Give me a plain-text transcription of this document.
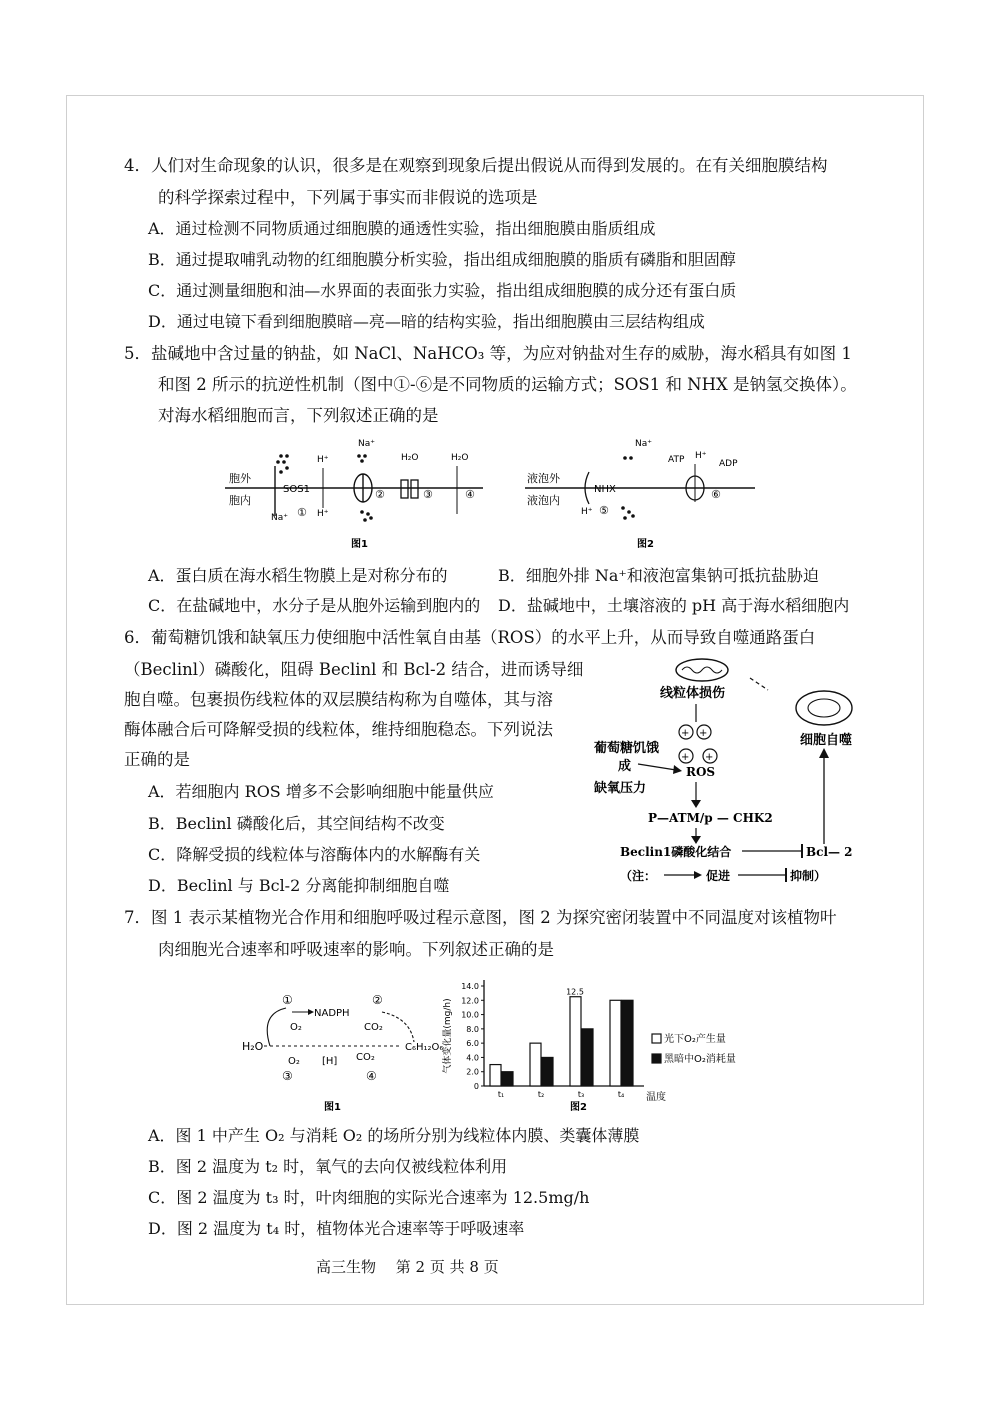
4．人们对生命现象的认识，很多是在观察到现象后提出假说从而得到发展的。在有关细胞膜结构
的科学探索过程中，下列属于事实而非假说的选项是
A．通过检测不同物质通过细胞膜的通透性实验，指出细胞膜由脂质组成
B．通过提取哺乳动物的红细胞膜分析实验，指出组成细胞膜的脂质有磷脂和胆固醇
C．通过测量细胞和油—水界面的表面张力实验，指出组成细胞膜的成分还有蛋白质
D．通过电镜下看到细胞膜暗—亮—暗的结构实验，指出细胞膜由三层结构组成
5．盐碱地中含过量的钠盐，如 NaCl、NaHCO₃ 等，为应对钠盐对生存的威胁，海水稻具有如图 1
和图 2 所示的抗逆性机制（图中①-⑥是不同物质的运输方式；SOS1 和 NHX 是钠氢交换体）。
对海水稻细胞而言，下列叙述正确的是
胞外
胞内
SOS1
Na⁺ ①
H⁺
H⁺
Na⁺
②
H₂O
③
H₂O
④
图1
液泡外
液泡内
NHX
H⁺ ⑤
Na⁺
ATP H⁺
ADP
⑥
图2
A．蛋白质在海水稻生物膜上是对称分布的	B．细胞外排 Na⁺和液泡富集钠可抵抗盐胁迫
C．在盐碱地中，水分子是从胞外运输到胞内的 D．盐碱地中，土壤溶液的 pH 高于海水稻细胞内
6．葡萄糖饥饿和缺氧压力使细胞中活性氧自由基（ROS）的水平上升，从而导致自噬通路蛋白
（Beclinl）磷酸化，阻碍 Beclinl 和 Bcl-2 结合，进而诱导细
胞自噬。包裹损伤线粒体的双层膜结构称为自噬体，其与溶
酶体融合后可降解受损的线粒体，维持细胞稳态。下列说法
正确的是
A．若细胞内 ROS 增多不会影响细胞中能量供应
B．Beclinl 磷酸化后，其空间结构不改变
C．降解受损的线粒体与溶酶体内的水解酶有关
D．Beclinl 与 Bcl-2 分离能抑制细胞自噬
线粒体损伤
细胞自噬
+ +
+ +
葡萄糖饥饿
成
缺氧压力
ROS
P—ATM/p — CHK2
Beclin1磷酸化结合	Bcl— 2
（注：	促进	抑制）
7．图 1 表示某植物光合作用和细胞呼吸过程示意图，图 2 为探究密闭装置中不同温度对该植物叶
肉细胞光合速率和呼吸速率的影响。下列叙述正确的是
①	②
NADPH
O₂	CO₂
H₂O	C₆H₁₂O₆
O₂ [H] CO₂
③	④
图1
0
2.0
4.0
6.0
8.0
10.0
12.0
14.0
气体变化量(mg/h)
t₁	t₂	t₃	t₄
12.5
温度
图2
光下O₂产生量
黑暗中O₂消耗量
A．图 1 中产生 O₂ 与消耗 O₂ 的场所分别为线粒体内膜、类囊体薄膜
B．图 2 温度为 t₂ 时，氧气的去向仅被线粒体利用
C．图 2 温度为 t₃ 时，叶肉细胞的实际光合速率为 12.5mg/h
D．图 2 温度为 t₄ 时，植物体光合速率等于呼吸速率
高三生物　 第 2 页 共 8 页
